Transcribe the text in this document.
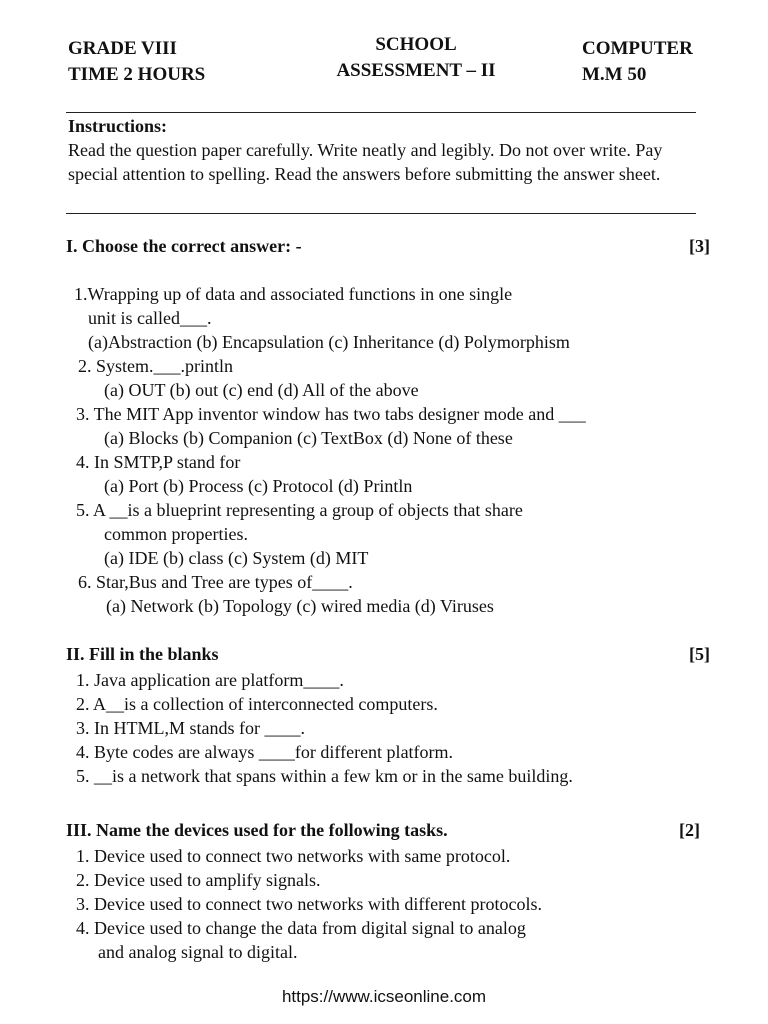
GRADE VIII
TIME 2 HOURS
SCHOOL
ASSESSMENT – II
COMPUTER
M.M 50
Instructions:
Read the question paper carefully. Write neatly and legibly. Do not over write. Pay special attention to spelling. Read the answers before submitting the answer sheet.
I. Choose the correct answer: -	[3]
1.Wrapping up of data and associated functions in one single
unit is called___.
(a)Abstraction (b) Encapsulation (c) Inheritance (d) Polymorphism
2. System.___.println
(a) OUT (b) out (c) end (d) All of the above
3. The MIT App inventor window has two tabs designer mode and ___
(a) Blocks (b) Companion (c) TextBox (d) None of these
4. In SMTP,P stand for
(a) Port (b) Process (c) Protocol (d) Println
5. A __is a blueprint representing a group of objects that share
common properties.
(a) IDE (b) class (c) System (d) MIT
6. Star,Bus and Tree are types of____.
(a) Network (b) Topology (c) wired media (d) Viruses
II. Fill in the blanks	[5]
1. Java application are platform____.
2. A__is a collection of interconnected computers.
3. In HTML,M stands for ____.
4. Byte codes are always ____for different platform.
5. __is a network that spans within a few km or in the same building.
III. Name the devices used for the following tasks.	[2]
1. Device used to connect two networks with same protocol.
2. Device used to amplify signals.
3. Device used to connect two networks with different protocols.
4. Device used to change the data from digital signal to analog
and analog signal to digital.
https://www.icseonline.com
